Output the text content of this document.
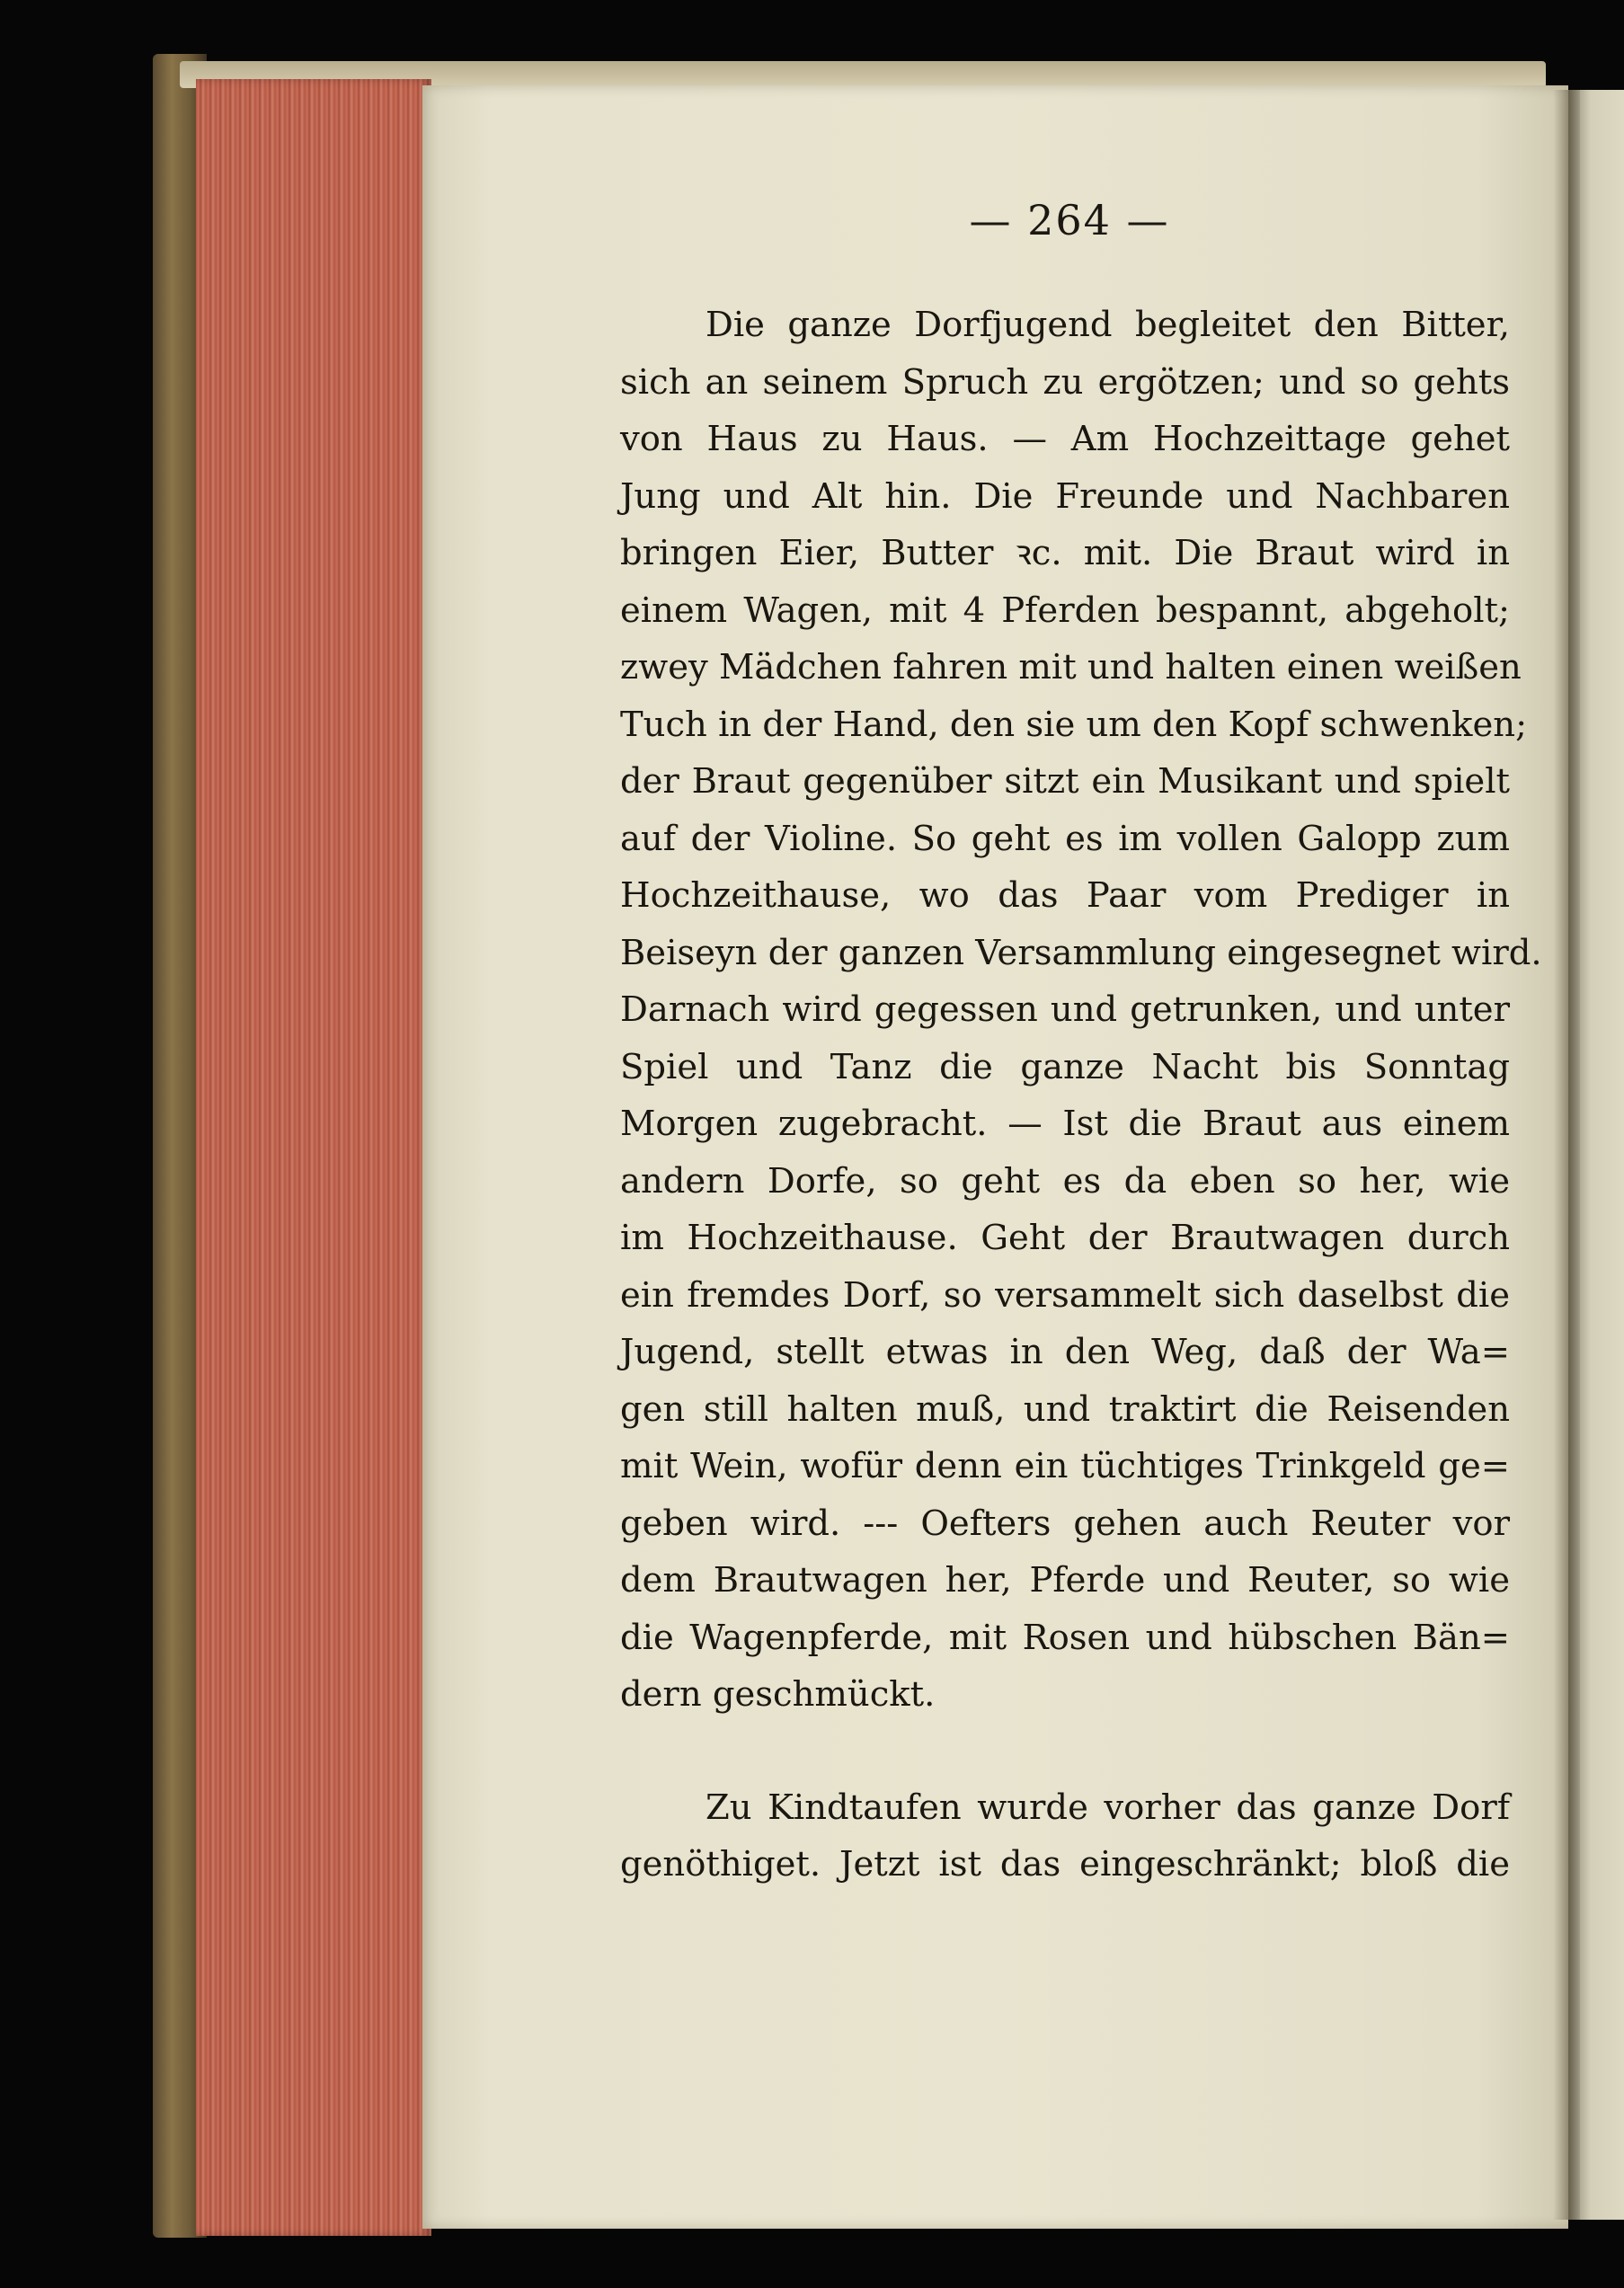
— 264 —
Die ganze Dorfjugend begleitet den Bitter,
sich an seinem Spruch zu ergötzen; und so gehts
von Haus zu Haus. — Am Hochzeittage gehet
Jung und Alt hin. Die Freunde und Nachbaren
bringen Eier, Butter ꝛc. mit. Die Braut wird in
einem Wagen, mit 4 Pferden bespannt, abgeholt;
zwey Mädchen fahren mit und halten einen weißen
Tuch in der Hand, den sie um den Kopf schwenken;
der Braut gegenüber sitzt ein Musikant und spielt
auf der Violine. So geht es im vollen Galopp zum
Hochzeithause, wo das Paar vom Prediger in
Beiseyn der ganzen Versammlung eingesegnet wird.
Darnach wird gegessen und getrunken, und unter
Spiel und Tanz die ganze Nacht bis Sonntag
Morgen zugebracht. — Ist die Braut aus einem
andern Dorfe, so geht es da eben so her, wie
im Hochzeithause. Geht der Brautwagen durch
ein fremdes Dorf, so versammelt sich daselbst die
Jugend, stellt etwas in den Weg, daß der Wa=
gen still halten muß, und traktirt die Reisenden
mit Wein, wofür denn ein tüchtiges Trinkgeld ge=
geben wird. --- Oefters gehen auch Reuter vor
dem Brautwagen her, Pferde und Reuter, so wie
die Wagenpferde, mit Rosen und hübschen Bän=
dern geschmückt.
Zu Kindtaufen wurde vorher das ganze Dorf
genöthiget. Jetzt ist das eingeschränkt; bloß die
